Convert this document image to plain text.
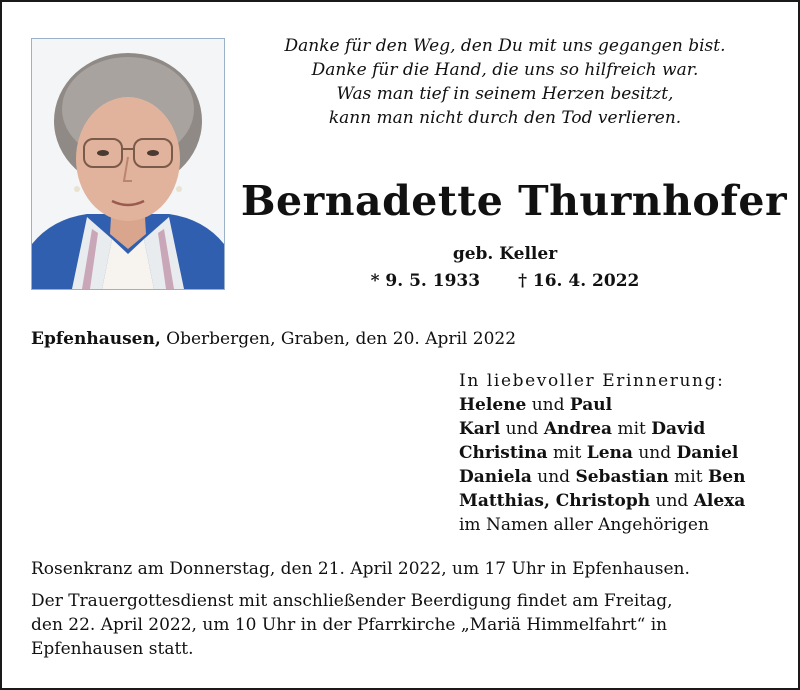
Danke für den Weg, den Du mit uns gegangen bist.
Danke für die Hand, die uns so hilfreich war.
Was man tief in seinem Herzen besitzt,
kann man nicht durch den Tod verlieren.
Bernadette Thurnhofer
geb. Keller
* 9. 5. 1933 † 16. 4. 2022
Epfenhausen, Oberbergen, Graben, den 20. April 2022
In liebevoller Erinnerung:
Helene und Paul
Karl und Andrea mit David
Christina mit Lena und Daniel
Daniela und Sebastian mit Ben
Matthias, Christoph und Alexa
im Namen aller Angehörigen
Rosenkranz am Donnerstag, den 21. April 2022, um 17 Uhr in Epfenhausen.
Der Trauergottesdienst mit anschließender Beerdigung findet am Freitag,
den 22. April 2022, um 10 Uhr in der Pfarrkirche „Mariä Himmelfahrt“ in
Epfenhausen statt.
